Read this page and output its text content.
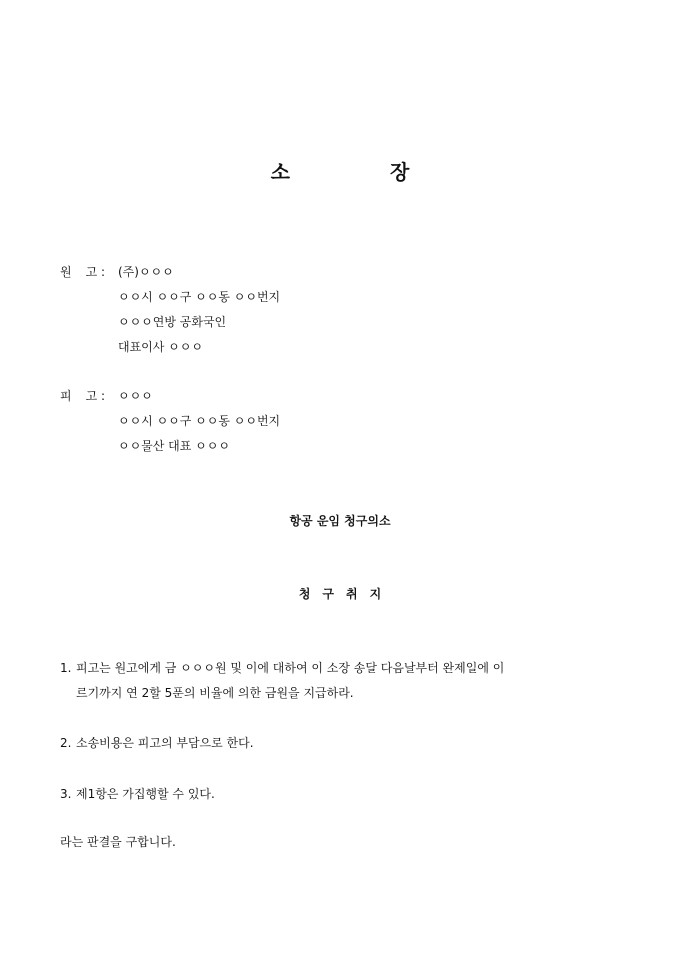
소	장
원 고 :	(주)ㅇㅇㅇ
ㅇㅇ시 ㅇㅇ구 ㅇㅇ동 ㅇㅇ번지
ㅇㅇㅇ연방 공화국인
대표이사 ㅇㅇㅇ
피 고 :	ㅇㅇㅇ
ㅇㅇ시 ㅇㅇ구 ㅇㅇ동 ㅇㅇ번지
ㅇㅇ물산 대표 ㅇㅇㅇ
항공 운임 청구의소
청 구 취 지
1. 피고는 원고에게 금 ㅇㅇㅇ원 및 이에 대하여 이 소장 송달 다음날부터 완제일에 이
르기까지 연 2할 5푼의 비율에 의한 금원을 지급하라.
2. 소송비용은 피고의 부담으로 한다.
3. 제1항은 가집행할 수 있다.
라는 판결을 구합니다.
